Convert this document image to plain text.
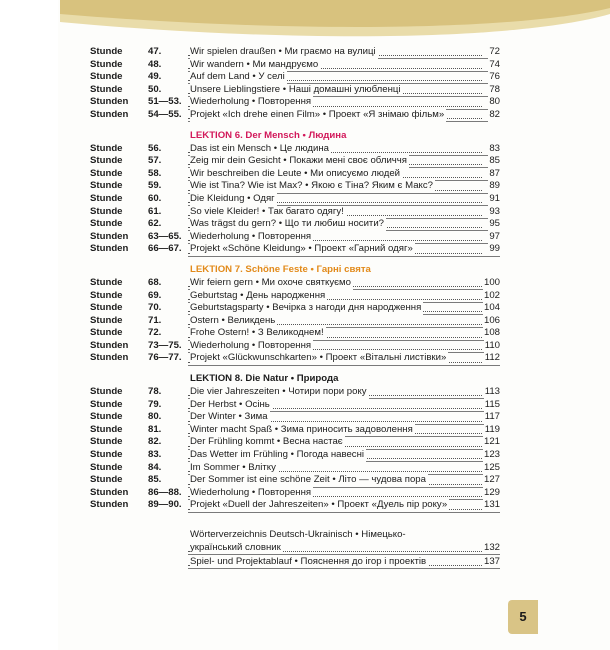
Stunde	47.	Wir spielen draußen • Ми граємо на вулиці	72
Stunde	48.	Wir wandern • Ми мандруємо	74
Stunde	49.	Auf dem Land • У селі	76
Stunde	50.	Unsere Lieblingstiere • Наші домашні улюбленці	78
Stunden 51—53. Wiederholung • Повторення	80
Stunden 54—55. Projekt «Ich drehe einen Film» • Проект «Я знімаю фільм»	82
LEKTION 6. Der Mensch • Людина
Stunde	56.	Das ist ein Mensch • Це людина	83
Stunde	57.	Zeig mir dein Gesicht • Покажи мені своє обличчя	85
Stunde	58.	Wir beschreiben die Leute • Ми описуємо людей	87
Stunde	59.	Wie ist Tina? Wie ist Max? • Якою є Тіна? Яким є Макс?	89
Stunde	60.	Die Kleidung • Одяг	91
Stunde	61.	So viele Kleider! • Так багато одягу!	93
Stunde	62.	Was trägst du gern? • Що ти любиш носити?	95
Stunden 63—65. Wiederholung • Повторення	97
Stunden 66—67. Projekt «Schöne Kleidung» • Проект «Гарний одяг»	99
LEKTION 7. Schöne Feste • Гарні свята
Stunde	68.	Wir feiern gern • Ми охоче святкуємо	100
Stunde	69.	Geburtstag • День народження	102
Stunde	70.	Geburtstagsparty • Вечірка з нагоди дня народження	104
Stunde	71.	Ostern • Великдень	106
Stunde	72.	Frohe Ostern! • З Великоднем!	108
Stunden 73—75. Wiederholung • Повторення	110
Stunden 76—77. Projekt «Glückwunschkarten» • Проект «Вітальні листівки»	112
LEKTION 8. Die Natur • Природа
Stunde	78.	Die vier Jahreszeiten • Чотири пори року	113
Stunde	79.	Der Herbst • Осінь	115
Stunde	80.	Der Winter • Зима	117
Stunde	81.	Winter macht Spaß • Зима приносить задоволення	119
Stunde	82.	Der Frühling kommt • Весна настає	121
Stunde	83.	Das Wetter im Frühling • Погода навесні	123
Stunde	84.	Im Sommer • Влітку	125
Stunde	85.	Der Sommer ist eine schöne Zeit • Літо — чудова пора	127
Stunden 86—88. Wiederholung • Повторення	129
Stunden 89—90. Projekt «Duell der Jahreszeiten» • Проект «Дуель пір року»	131
Wörterverzeichnis Deutsch-Ukrainisch • Німецько-
український словник	132
Spiel- und Projektablauf • Пояснення до ігор і проектів	137
5
